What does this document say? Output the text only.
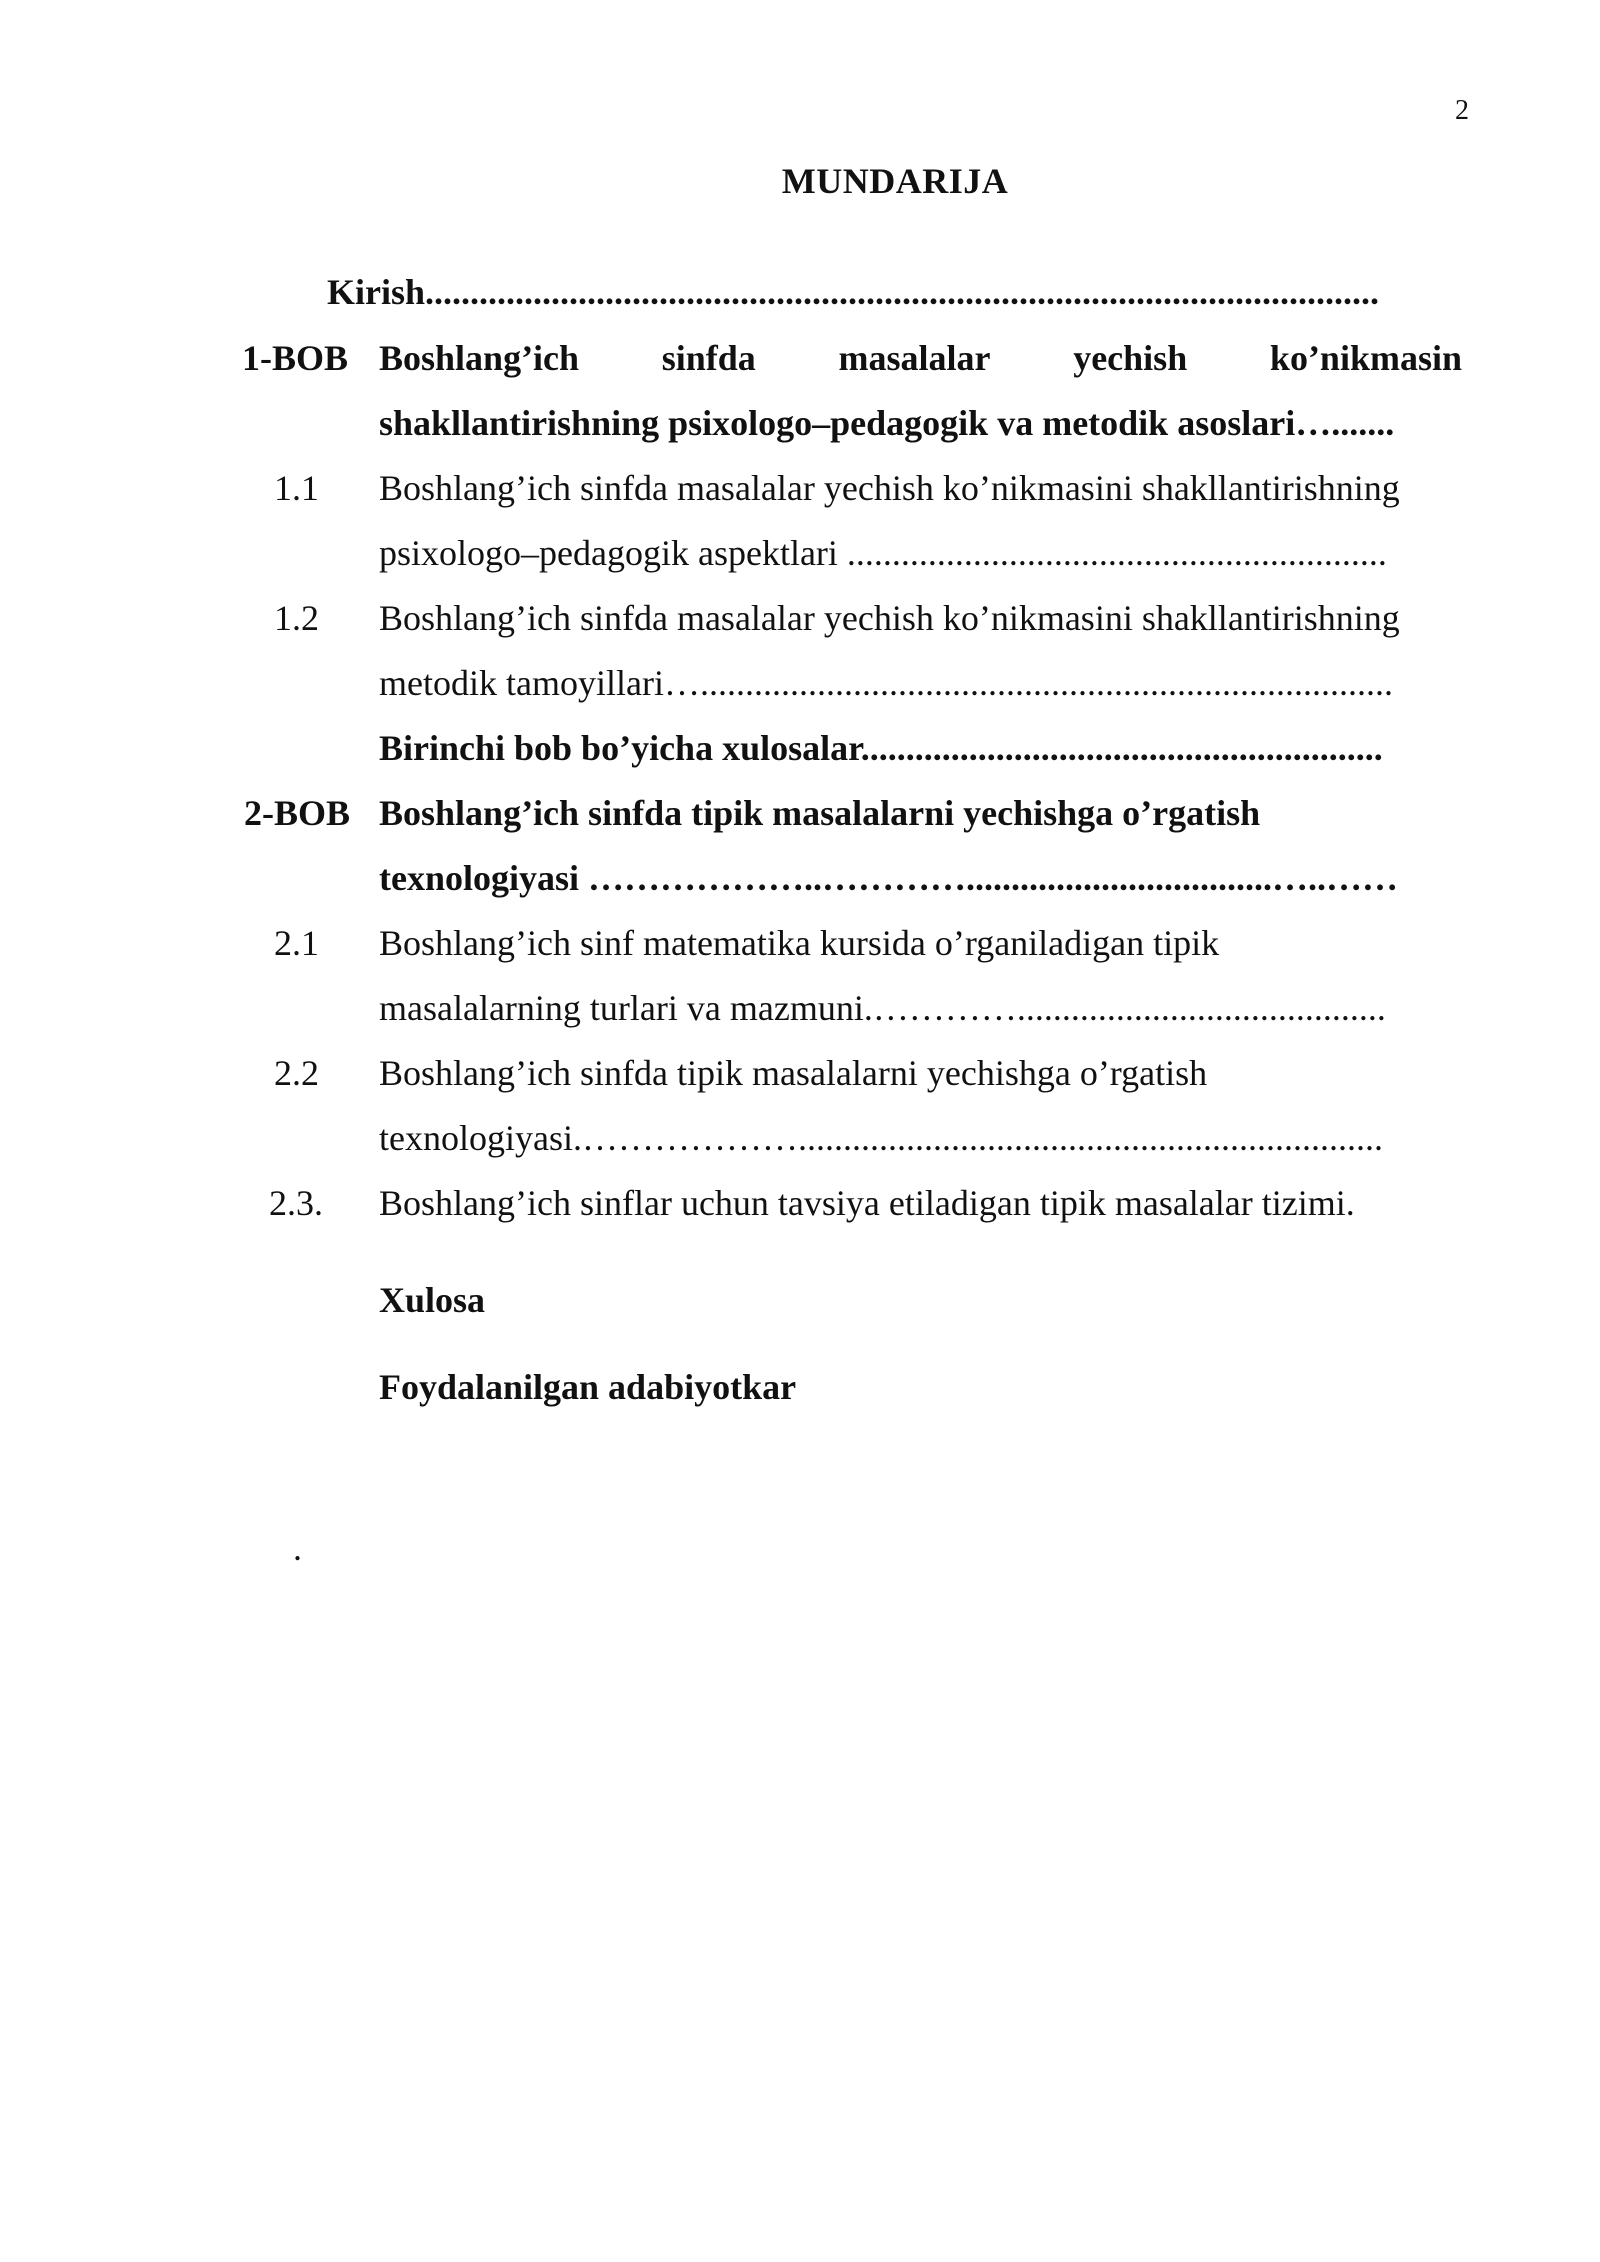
2
MUNDARIJA
Kirish..........................................................................................................
1-BOB Boshlang’ich sinfda masalalar yechish ko’nikmasin
shakllantirishning psixologo–pedagogik va metodik asoslari….......
1.1 Boshlang’ich sinfda masalalar yechish ko’nikmasini shakllantirishning
psixologo–pedagogik aspektlari ............................................................
1.2 Boshlang’ich sinfda masalalar yechish ko’nikmasini shakllantirishning
metodik tamoyillari….............................................................................
Birinchi bob bo’yicha xulosalar..........................................................
2-BOB Boshlang’ich sinfda tipik masalalarni yechishga o’rgatish
texnologiyasi ………………..…………..................................…..……
2.1 Boshlang’ich sinf matematika kursida o’rganiladigan tipik
masalalarning turlari va mazmuni.………….........................................
2.2 Boshlang’ich sinfda tipik masalalarni yechishga o’rgatish
texnologiyasi.……………….................................................................
2.3. Boshlang’ich sinflar uchun tavsiya etiladigan tipik masalalar tizimi.
Xulosa
Foydalanilgan adabiyotkar
.
